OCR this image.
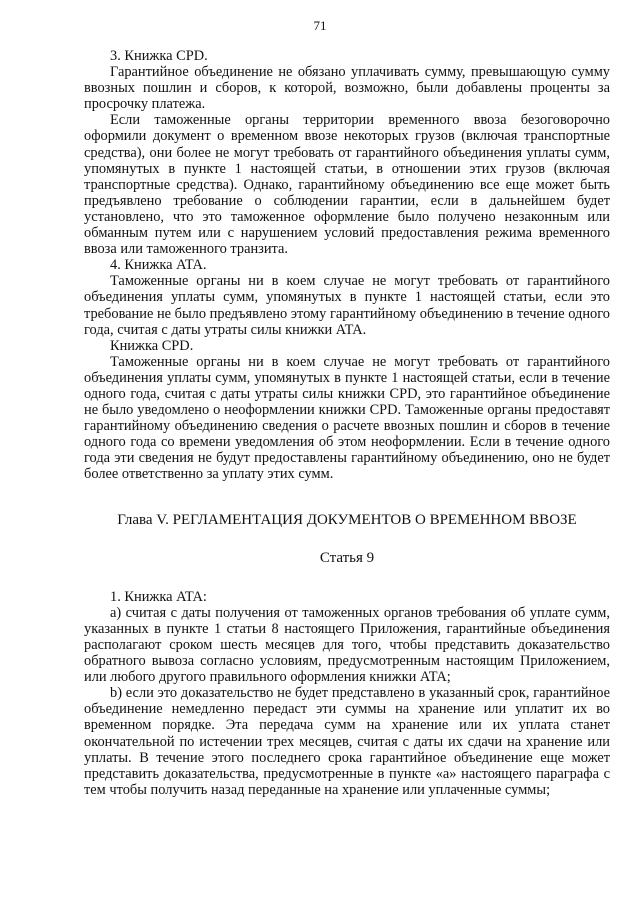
71

3. Книжка CPD.

Гарантийное объединение не обязано уплачивать сумму, превышающую сумму ввозных пошлин и сборов, к которой, возможно, были добавлены проценты за просрочку платежа.

Если таможенные органы территории временного ввоза безоговорочно оформили документ о временном ввозе некоторых грузов (включая транспортные средства), они более не могут требовать от гарантийного объединения уплаты сумм, упомянутых в пункте 1 настоящей статьи, в отношении этих грузов (включая транспортные средства). Однако, гарантийному объединению все еще может быть предъявлено требование о соблюдении гарантии, если в дальнейшем будет установлено, что это таможенное оформление было получено незаконным или обманным путем или с нарушением условий предоставления режима временного ввоза или таможенного транзита.

4. Книжка ATA.

Таможенные органы ни в коем случае не могут требовать от гарантийного объединения уплаты сумм, упомянутых в пункте 1 настоящей статьи, если это требование не было предъявлено этому гарантийному объединению в течение одного года, считая с даты утраты силы книжки ATA.

Книжка CPD.

Таможенные органы ни в коем случае не могут требовать от гарантийного объединения уплаты сумм, упомянутых в пункте 1 настоящей статьи, если в течение одного года, считая с даты утраты силы книжки CPD, это гарантийное объединение не было уведомлено о неоформлении книжки CPD. Таможенные органы предоставят гарантийному объединению сведения о расчете ввозных пошлин и сборов в течение одного года со времени уведомления об этом неоформлении. Если в течение одного года эти сведения не будут предоставлены гарантийному объединению, оно не будет более ответственно за уплату этих сумм.

Глава V. РЕГЛАМЕНТАЦИЯ ДОКУМЕНТОВ О ВРЕМЕННОМ ВВОЗЕ

Статья 9

1. Книжка ATA:

а) считая с даты получения от таможенных органов требования об уплате сумм, указанных в пункте 1 статьи 8 настоящего Приложения, гарантийные объединения располагают сроком шесть месяцев для того, чтобы представить доказательство обратного вывоза согласно условиям, предусмотренным настоящим Приложением, или любого другого правильного оформления книжки ATA;

b) если это доказательство не будет представлено в указанный срок, гарантийное объединение немедленно передаст эти суммы на хранение или уплатит их во временном порядке. Эта передача сумм на хранение или их уплата станет окончательной по истечении трех месяцев, считая с даты их сдачи на хранение или уплаты. В течение этого последнего срока гарантийное объединение еще может представить доказательства, предусмотренные в пункте «а» настоящего параграфа с тем чтобы получить назад переданные на хранение или уплаченные суммы;
